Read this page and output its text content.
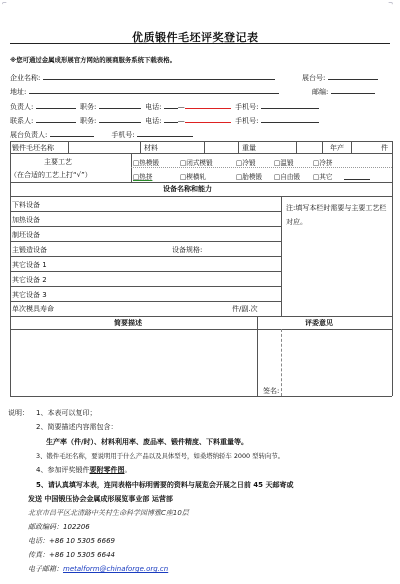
⌐	¬
优质锻件毛坯评奖登记表
※您可通过金属成形展官方网站的展商服务系统下载表格。
企业名称:	展台号:
地址:	邮编:
负责人:	职务:	电话: —	手机号:
联系人:	职务:	电话: —	手机号:
展台负责人:	手机号:
锻件毛坯名称	材料	重量	年产	件
主要工艺
（在合适的工艺上打“√”）
□热模锻	□闭式模锻	□冷锻	□温锻	□冷挤
□热挤	□楔横轧	□胎模锻 □自由锻 □其它
设备名称和能力
下料设备
加热设备
制坯设备
主锻造设备	设备规格:
其它设备 1
其它设备 2
其它设备 3
单次模具寿命	件/副.次
注:填写本栏时需要与主要工艺栏对应。
简要描述	评委意见
签名:
说明： 1、本表可以复印；
2、简要描述内容需包含：
生产率（件/时）、材料利用率、废品率、锻件精度、下料重量等。
3、锻件毛坯名称，要说明用于什么产品以及具体型号，如桑塔纳轿车 2000 型转向节。
4、参加评奖锻件要附零件图。
5、请认真填写本表，连同表格中标明需要的资料与展览会开展之日前 45 天邮寄或
发送 中国锻压协会金属成形展览事业部 运营部
北京市昌平区北清路中关村生命科学园博雅C座10层
邮政编码：102206
电话：+86 10 5305 6669
传真：+86 10 5305 6644
电子邮箱：metalform@chinaforge.org.cn
